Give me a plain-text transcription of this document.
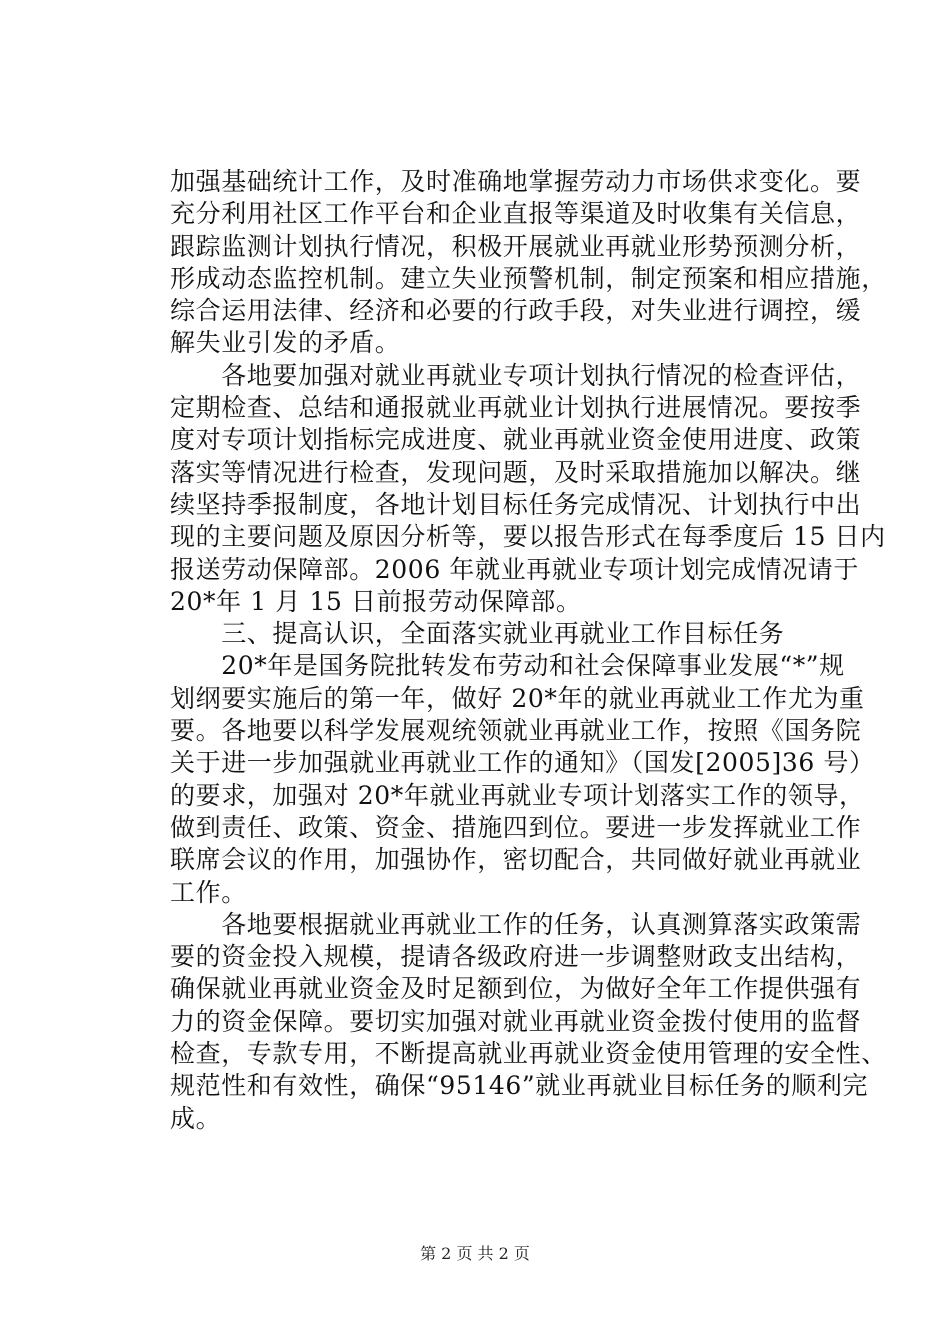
加强基础统计工作，及时准确地掌握劳动力市场供求变化。要
充分利用社区工作平台和企业直报等渠道及时收集有关信息，
跟踪监测计划执行情况，积极开展就业再就业形势预测分析，
形成动态监控机制。建立失业预警机制，制定预案和相应措施，
综合运用法律、经济和必要的行政手段，对失业进行调控，缓
解失业引发的矛盾。
　　各地要加强对就业再就业专项计划执行情况的检查评估，
定期检查、总结和通报就业再就业计划执行进展情况。要按季
度对专项计划指标完成进度、就业再就业资金使用进度、政策
落实等情况进行检查，发现问题，及时采取措施加以解决。继
续坚持季报制度，各地计划目标任务完成情况、计划执行中出
现的主要问题及原因分析等，要以报告形式在每季度后 15 日内
报送劳动保障部。2006 年就业再就业专项计划完成情况请于
20*年 1 月 15 日前报劳动保障部。
　　三、提高认识，全面落实就业再就业工作目标任务
　　20*年是国务院批转发布劳动和社会保障事业发展“*”规
划纲要实施后的第一年，做好 20*年的就业再就业工作尤为重
要。各地要以科学发展观统领就业再就业工作，按照《国务院
关于进一步加强就业再就业工作的通知》（国发[2005]36 号）
的要求，加强对 20*年就业再就业专项计划落实工作的领导，
做到责任、政策、资金、措施四到位。要进一步发挥就业工作
联席会议的作用，加强协作，密切配合，共同做好就业再就业
工作。
　　各地要根据就业再就业工作的任务，认真测算落实政策需
要的资金投入规模，提请各级政府进一步调整财政支出结构，
确保就业再就业资金及时足额到位，为做好全年工作提供强有
力的资金保障。要切实加强对就业再就业资金拨付使用的监督
检查，专款专用，不断提高就业再就业资金使用管理的安全性、
规范性和有效性，确保“95146”就业再就业目标任务的顺利完
成。
第 2 页 共 2 页
